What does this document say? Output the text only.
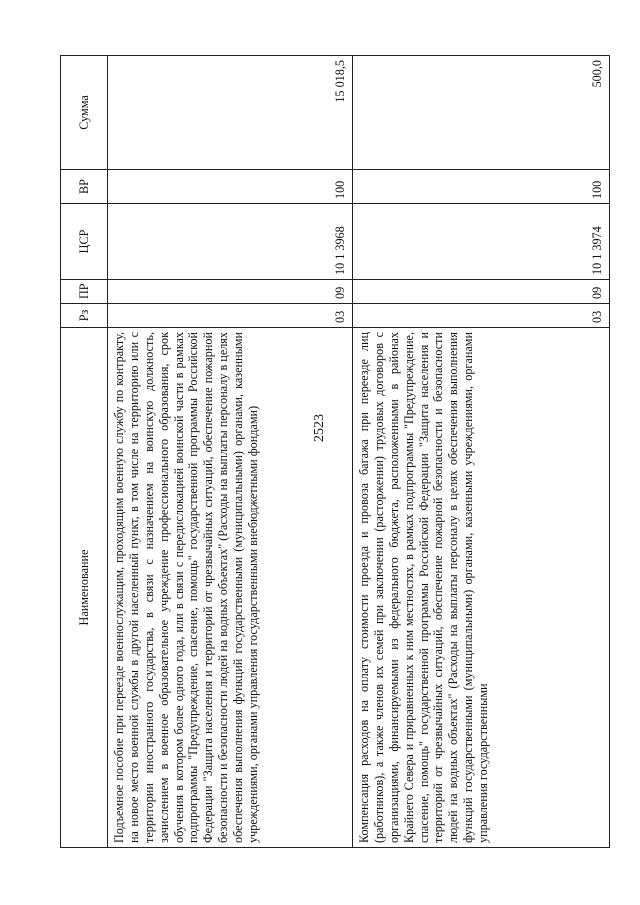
2523
Наименование	Рз	ПР	ЦСР	ВР	Сумма
Подъемное пособие при переезде военнослужащим, проходящим военную службу по контракту, на новое место военной службы в другой населенный пункт, в том числе на территорию или с территории иностранного государства, в связи с назначением на воинскую должность, зачислением в военное образовательное учреждение профессионального образования, срок обучения в котором более одного года, или в связи с передислокацией воинской части в рамках подпрограммы "Предупреждение, спасение, помощь" государственной программы Российской Федерации "Защита населения и территорий от чрезвычайных ситуаций, обеспечение пожарной безопасности и безопасности людей на водных объектах" (Расходы на выплаты персоналу в целях обеспечения выполнения функций государственными (муниципальными) органами, казенными учреждениями, органами управления государственными внебюджетными фондами)	03	09	10 1 3968	100	15 018,5
Компенсация расходов на оплату стоимости проезда и провоза багажа при переезде лиц (работников), а также членов их семей при заключении (расторжении) трудовых договоров с организациями, финансируемыми из федерального бюджета, расположенными в районах Крайнего Севера и приравненных к ним местностях, в рамках подпрограммы "Предупреждение, спасение, помощь" государственной программы Российской Федерации "Защита населения и территорий от чрезвычайных ситуаций, обеспечение пожарной безопасности и безопасности людей на водных объектах" (Расходы на выплаты персоналу в целях обеспечения выполнения функций государственными (муниципальными) органами, казенными учреждениями, органами управления государственными	03	09	10 1 3974	100	500,0
